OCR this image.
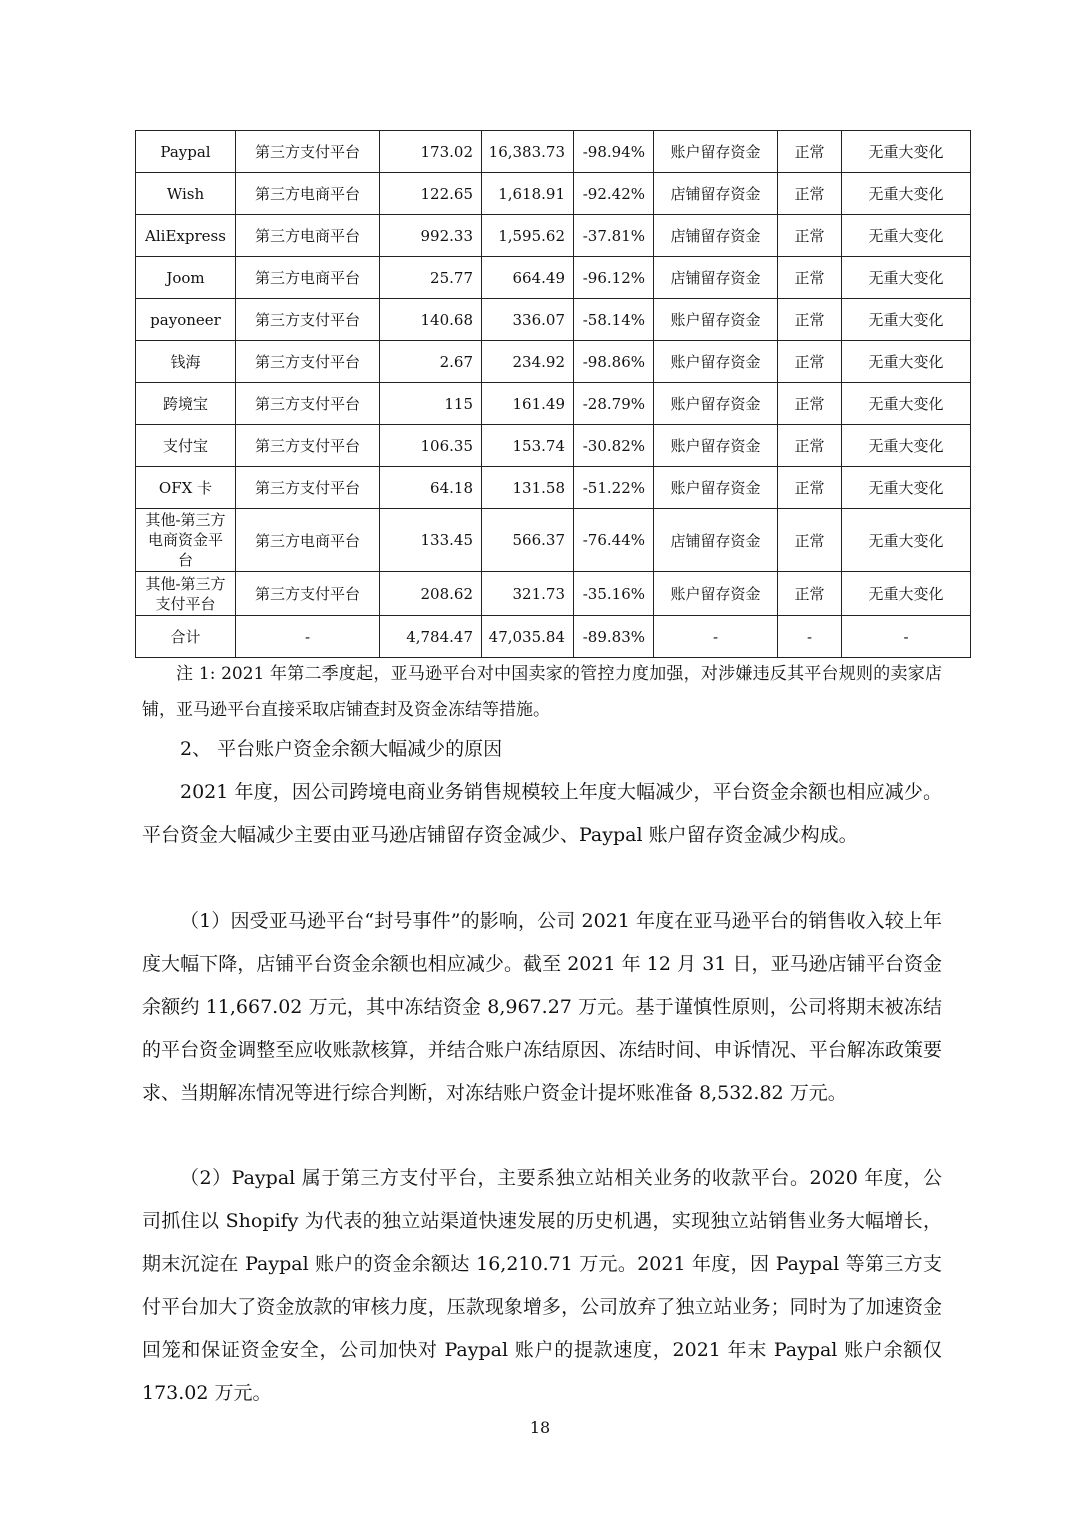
Paypal	第三方支付平台	173.02	16,383.73	-98.94%	账户留存资金	正常	无重大变化
Wish	第三方电商平台	122.65	1,618.91	-92.42%	店铺留存资金	正常	无重大变化
AliExpress	第三方电商平台	992.33	1,595.62	-37.81%	店铺留存资金	正常	无重大变化
Joom	第三方电商平台	25.77	664.49	-96.12%	店铺留存资金	正常	无重大变化
payoneer	第三方支付平台	140.68	336.07	-58.14%	账户留存资金	正常	无重大变化
钱海	第三方支付平台	2.67	234.92	-98.86%	账户留存资金	正常	无重大变化
跨境宝	第三方支付平台	115	161.49	-28.79%	账户留存资金	正常	无重大变化
支付宝	第三方支付平台	106.35	153.74	-30.82%	账户留存资金	正常	无重大变化
OFX 卡	第三方支付平台	64.18	131.58	-51.22%	账户留存资金	正常	无重大变化
其他-第三方电商资金平台	第三方电商平台	133.45	566.37	-76.44%	店铺留存资金	正常	无重大变化
其他-第三方支付平台	第三方支付平台	208.62	321.73	-35.16%	账户留存资金	正常	无重大变化
合计	-	4,784.47	47,035.84	-89.83%	-	-	-

注 1: 2021 年第二季度起，亚马逊平台对中国卖家的管控力度加强，对涉嫌违反其平台规则的卖家店铺，亚马逊平台直接采取店铺查封及资金冻结等措施。

2、 平台账户资金余额大幅减少的原因

2021 年度，因公司跨境电商业务销售规模较上年度大幅减少，平台资金余额也相应减少。平台资金大幅减少主要由亚马逊店铺留存资金减少、Paypal 账户留存资金减少构成。

（1）因受亚马逊平台“封号事件”的影响，公司 2021 年度在亚马逊平台的销售收入较上年度大幅下降，店铺平台资金余额也相应减少。截至 2021 年 12 月 31 日，亚马逊店铺平台资金余额约 11,667.02 万元，其中冻结资金 8,967.27 万元。基于谨慎性原则，公司将期末被冻结的平台资金调整至应收账款核算，并结合账户冻结原因、冻结时间、申诉情况、平台解冻政策要求、当期解冻情况等进行综合判断，对冻结账户资金计提坏账准备 8,532.82 万元。

（2）Paypal 属于第三方支付平台，主要系独立站相关业务的收款平台。2020 年度，公司抓住以 Shopify 为代表的独立站渠道快速发展的历史机遇，实现独立站销售业务大幅增长，期末沉淀在 Paypal 账户的资金余额达 16,210.71 万元。2021 年度，因 Paypal 等第三方支付平台加大了资金放款的审核力度，压款现象增多，公司放弃了独立站业务；同时为了加速资金回笼和保证资金安全，公司加快对 Paypal 账户的提款速度，2021 年末 Paypal 账户余额仅 173.02 万元。

18
